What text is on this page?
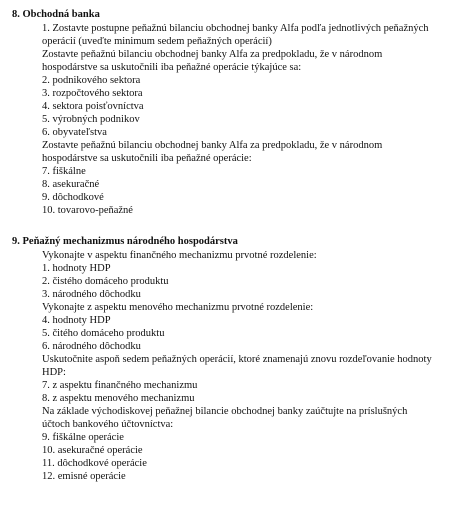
8. Obchodná banka
1. Zostavte postupne peňažnú bilanciu obchodnej banky Alfa podľa jednotlivých peňažných
operácií (uveďte minimum sedem peňažných operácií)
Zostavte peňažnú bilanciu obchodnej banky Alfa za predpokladu, že v národnom
hospodárstve sa uskutočnili iba peňažné operácie týkajúce sa:
2. podnikového sektora
3. rozpočtového sektora
4. sektora poisťovníctva
5. výrobných podnikov
6. obyvateľstva
Zostavte peňažnú bilanciu obchodnej banky Alfa za predpokladu, že v národnom
hospodárstve sa uskutočnili iba peňažné operácie:
7. fiškálne
8. asekuračné
9. dôchodkové
10. tovarovo-peňažné
9. Peňažný mechanizmus národného hospodárstva
Vykonajte v aspektu finančného mechanizmu prvotné rozdelenie:
1. hodnoty HDP
2. čistého domáceho produktu
3. národného dôchodku
Vykonajte z aspektu menového mechanizmu prvotné rozdelenie:
4. hodnoty HDP
5. čitého domáceho produktu
6. národného dôchodku
Uskutočnite aspoň sedem peňažných operácií, ktoré znamenajú znovu rozdeľovanie hodnoty
HDP:
7. z aspektu finančného mechanizmu
8. z aspektu menového mechanizmu
Na základe východiskovej peňažnej bilancie obchodnej banky zaúčtujte na príslušných
účtoch bankového účtovníctva:
9. fiškálne operácie
10. asekuračné operácie
11. dôchodkové operácie
12. emisné operácie
